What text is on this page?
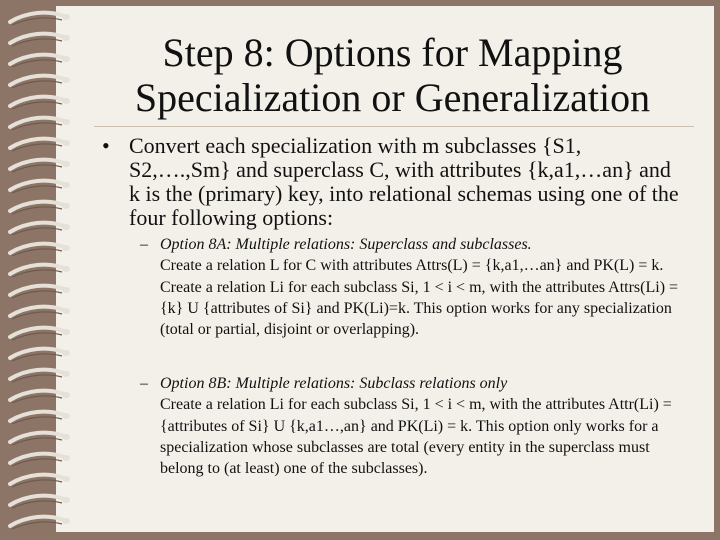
Step 8: Options for Mapping
Specialization or Generalization
• Convert each specialization with m subclasses {S1, S2,….,Sm} and superclass C, with attributes {k,a1,…an} and k is the (primary) key, into relational schemas using one of the four following options:
– Option 8A: Multiple relations: Superclass and subclasses.
Create a relation L for C with attributes Attrs(L) = {k,a1,…an} and PK(L) = k. Create a relation Li for each subclass Si, 1 < i < m, with the attributes Attrs(Li) = {k} U {attributes of Si} and PK(Li)=k. This option works for any specialization (total or partial, disjoint or overlapping).
– Option 8B: Multiple relations: Subclass relations only
Create a relation Li for each subclass Si, 1 < i < m, with the attributes Attr(Li) = {attributes of Si} U {k,a1…,an} and PK(Li) = k. This option only works for a specialization whose subclasses are total (every entity in the superclass must belong to (at least) one of the subclasses).
